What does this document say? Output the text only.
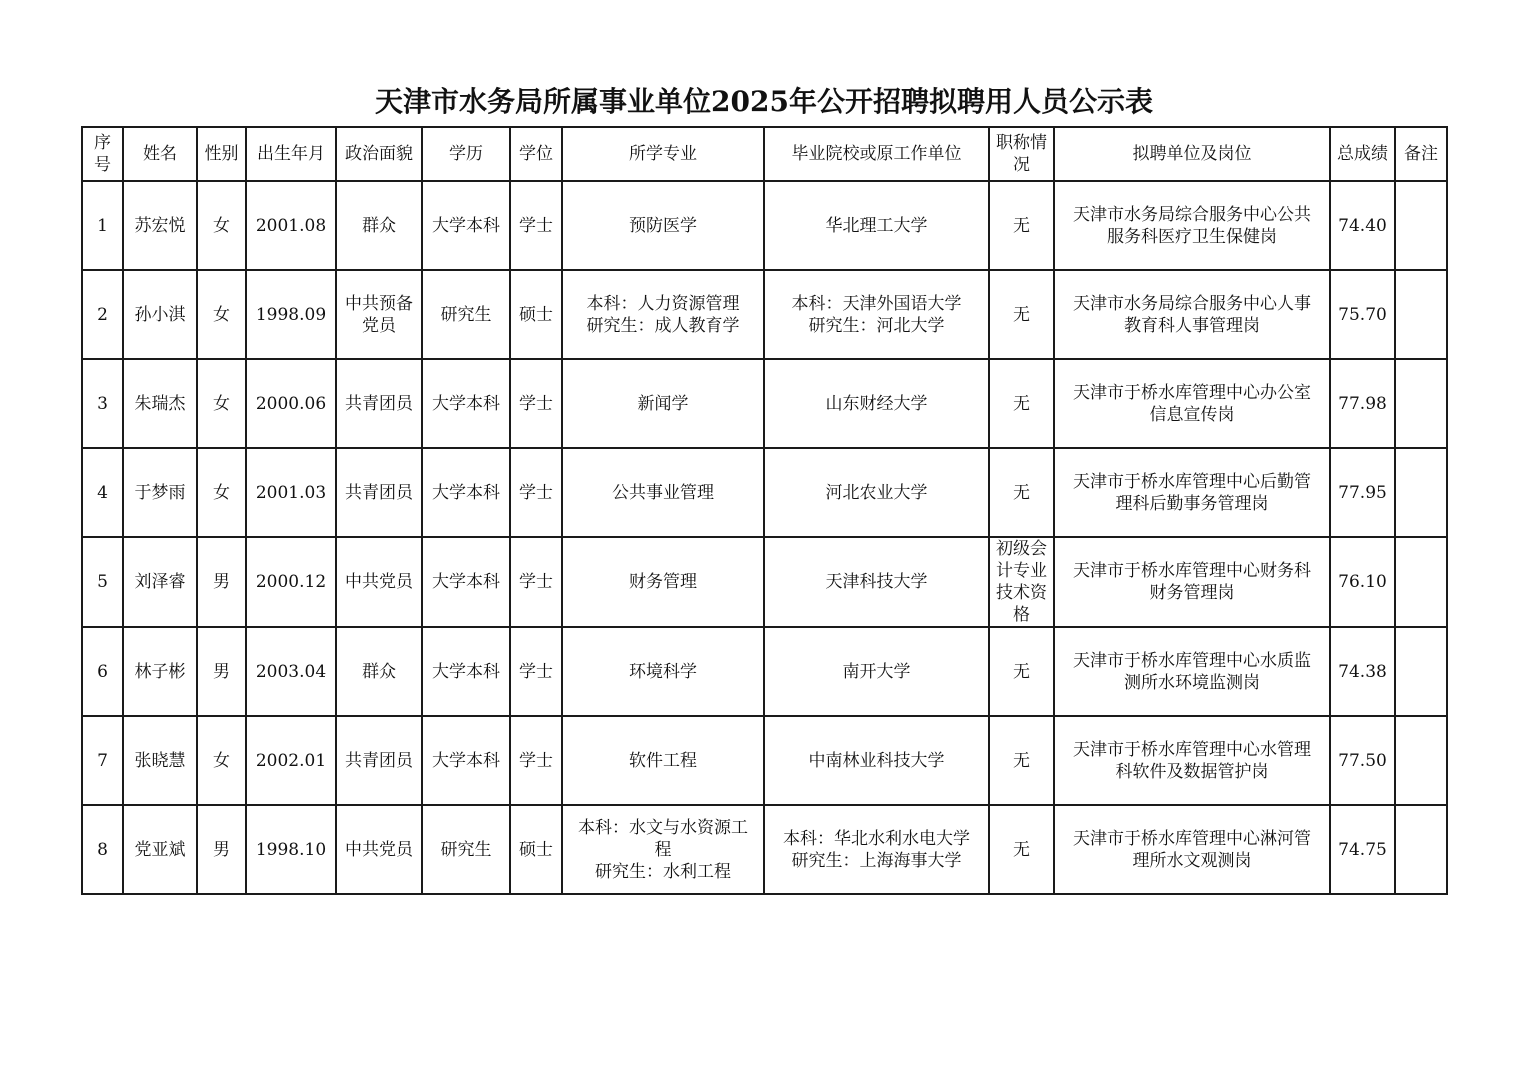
天津市水务局所属事业单位2025年公开招聘拟聘用人员公示表
序
号	姓名	性别	出生年月	政治面貌	学历	学位	所学专业	毕业院校或原工作单位	职称情
况	拟聘单位及岗位	总成绩	备注
1	苏宏悦	女	2001.08	群众	大学本科	学士	预防医学	华北理工大学	无	天津市水务局综合服务中心公共
服务科医疗卫生保健岗	74.40	
2	孙小淇	女	1998.09	中共预备
党员	研究生	硕士	本科：人力资源管理
研究生：成人教育学	本科：天津外国语大学
研究生：河北大学	无	天津市水务局综合服务中心人事
教育科人事管理岗	75.70	
3	朱瑞杰	女	2000.06	共青团员	大学本科	学士	新闻学	山东财经大学	无	天津市于桥水库管理中心办公室
信息宣传岗	77.98	
4	于梦雨	女	2001.03	共青团员	大学本科	学士	公共事业管理	河北农业大学	无	天津市于桥水库管理中心后勤管
理科后勤事务管理岗	77.95	
5	刘泽睿	男	2000.12	中共党员	大学本科	学士	财务管理	天津科技大学	初级会
计专业
技术资
格	天津市于桥水库管理中心财务科
财务管理岗	76.10	
6	林子彬	男	2003.04	群众	大学本科	学士	环境科学	南开大学	无	天津市于桥水库管理中心水质监
测所水环境监测岗	74.38	
7	张晓慧	女	2002.01	共青团员	大学本科	学士	软件工程	中南林业科技大学	无	天津市于桥水库管理中心水管理
科软件及数据管护岗	77.50	
8	党亚斌	男	1998.10	中共党员	研究生	硕士	本科：水文与水资源工
程
研究生：水利工程	本科：华北水利水电大学
研究生：上海海事大学	无	天津市于桥水库管理中心淋河管
理所水文观测岗	74.75	
